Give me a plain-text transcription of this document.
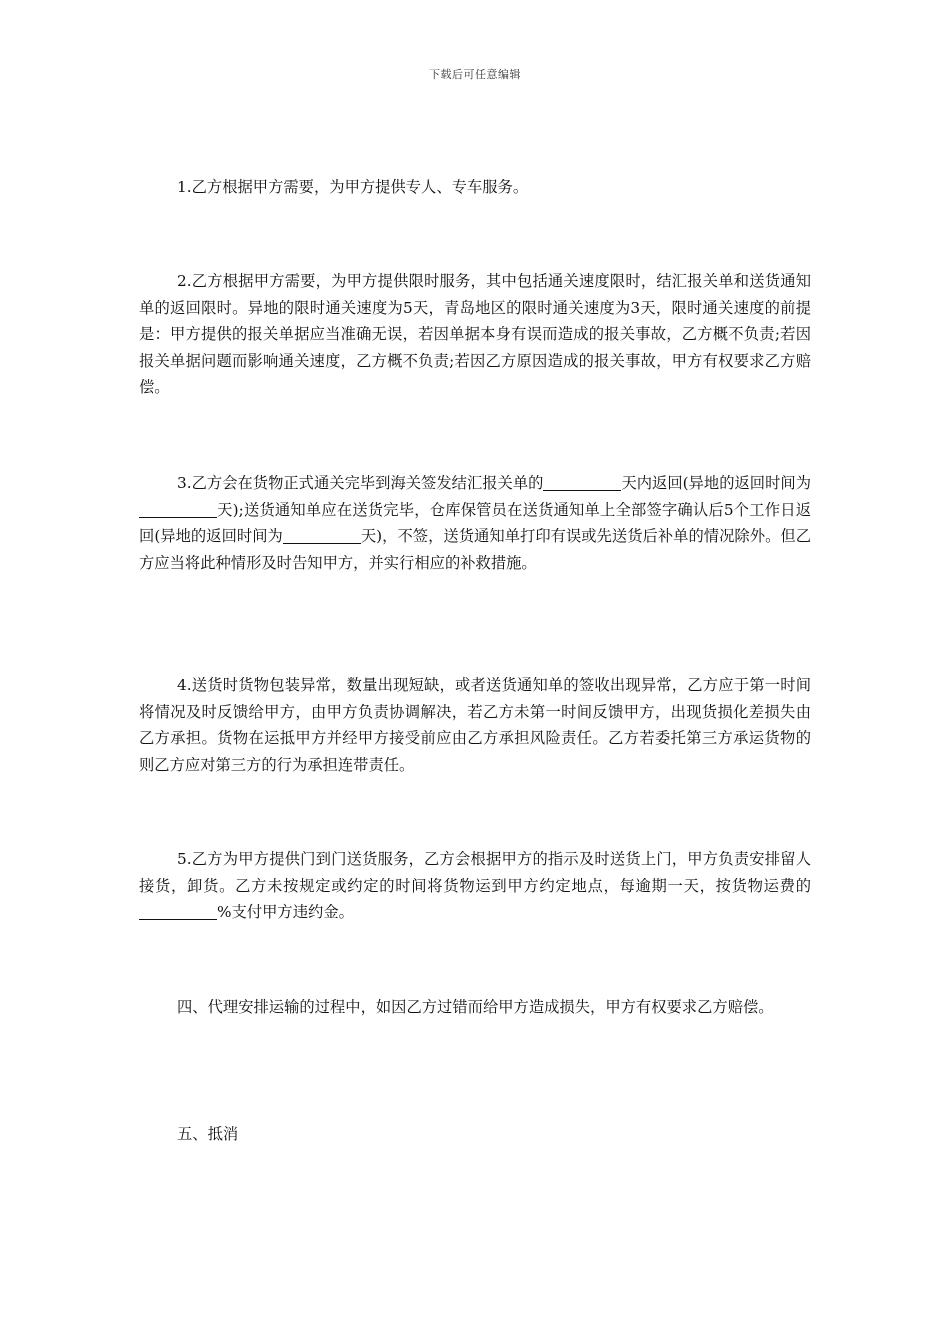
下载后可任意编辑

1.乙方根据甲方需要，为甲方提供专人、专车服务。

2.乙方根据甲方需要，为甲方提供限时服务，其中包括通关速度限时，结汇报关单和送货通知单的返回限时。异地的限时通关速度为5天，青岛地区的限时通关速度为3天，限时通关速度的前提是：甲方提供的报关单据应当准确无误，若因单据本身有误而造成的报关事故，乙方概不负责;若因报关单据问题而影响通关速度，乙方概不负责;若因乙方原因造成的报关事故，甲方有权要求乙方赔偿。

3.乙方会在货物正式通关完毕到海关签发结汇报关单的	天内返回(异地的返回时间为天);送货通知单应在送货完毕，仓库保管员在送货通知单上全部签字确认后5个工作日返回(异地的返回时间为	天)，不签，送货通知单打印有误或先送货后补单的情况除外。但乙方应当将此种情形及时告知甲方，并实行相应的补救措施。

4.送货时货物包装异常，数量出现短缺，或者送货通知单的签收出现异常，乙方应于第一时间将情况及时反馈给甲方，由甲方负责协调解决，若乙方未第一时间反馈甲方，出现货损化差损失由乙方承担。货物在运抵甲方并经甲方接受前应由乙方承担风险责任。乙方若委托第三方承运货物的则乙方应对第三方的行为承担连带责任。

5.乙方为甲方提供门到门送货服务，乙方会根据甲方的指示及时送货上门，甲方负责安排留人接货，卸货。乙方未按规定或约定的时间将货物运到甲方约定地点，每逾期一天，按货物运费的%支付甲方违约金。

四、代理安排运输的过程中，如因乙方过错而给甲方造成损失，甲方有权要求乙方赔偿。

五、抵消
